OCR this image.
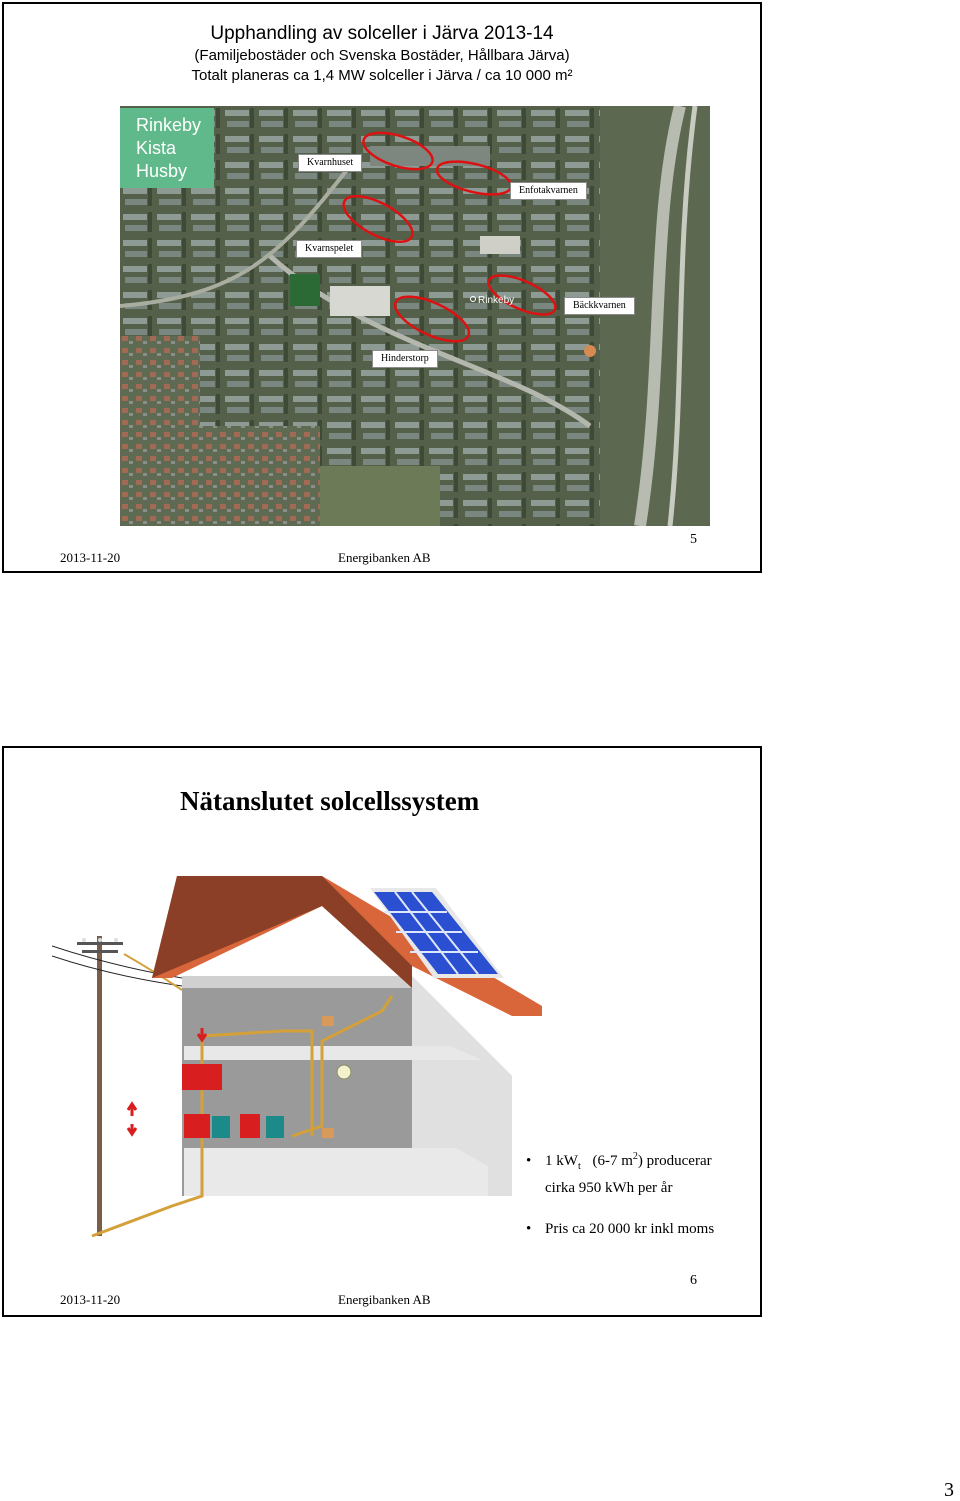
Upphandling av solceller i Järva 2013-14
(Familjebostäder och Svenska Bostäder, Hållbara Järva)
Totalt planeras ca 1,4 MW solceller i Järva / ca 10 000 m²
Rinkeby
Rinkeby
Kista
Husby	Kvarnhuset
Enfotakvarnen
Kvarnspelet
Bäckkvarnen
Hinderstorp
2013-11-20	Energibanken AB
5
Nätanslutet solcellssystem
• 1 $kW_t$ (6-7 $m^2$) producerar
cirka 950 kWh per år
• Pris ca 20 000 kr inkl moms
2013-11-20	Energibanken AB
6
3
